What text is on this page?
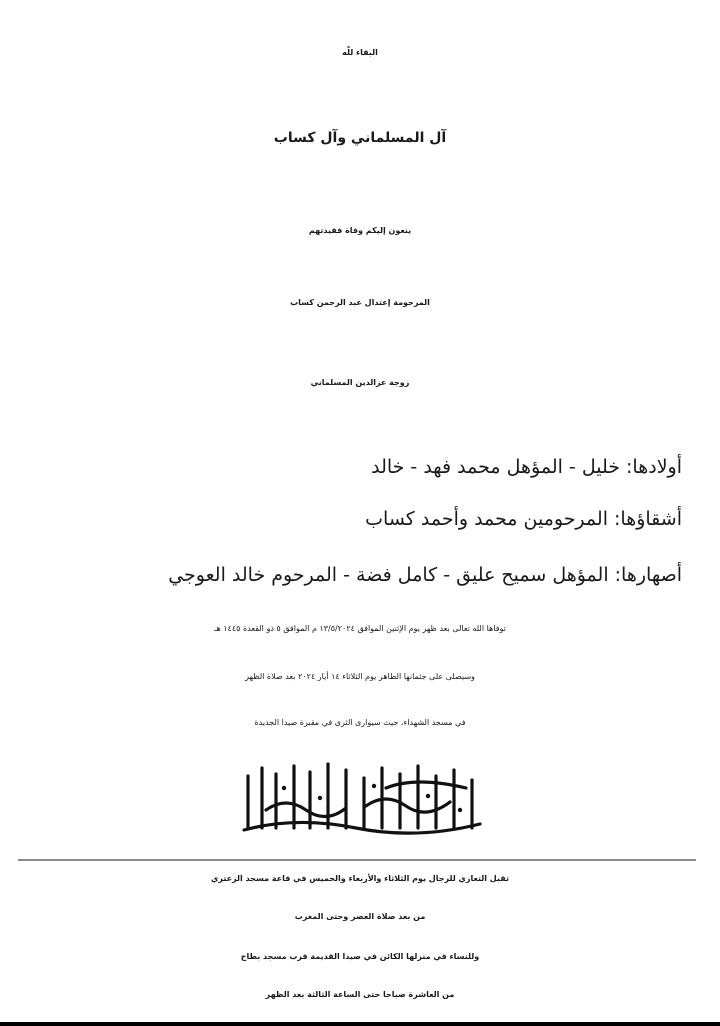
البقاء للّه
آل المسلماني وآل كساب
ينعون إليكم وفاة فقيدتهم
المرحومة إعتدال عبد الرحمن كساب
زوجة عزالدين المسلماني
أولادها: خليل - المؤهل محمد فهد - خالد
أشقاؤها: المرحومين محمد وأحمد كساب
أصهارها: المؤهل سميح عليق - كامل فضة - المرحوم خالد العوجي
توفاها الله تعالى بعد ظهر يوم الإثنين الموافق ١٣/٥/٢٠٢٤ م الموافق ٥ ذو القعدة ١٤٤٥ هـ
وسيصلى على جثمانها الطاهر يوم الثلاثاء ١٤ أيار ٢٠٢٤ بعد صلاة الظهر
في مسجد الشهداء، حيث سيوارى الثرى في مقبرة صيدا الجديدة
تقبل التعازي للرجال يوم الثلاثاء والأربعاء والخميس في قاعة مسجد الزعتري
من بعد صلاة العصر وحتى المغرب
وللنساء في منزلها الكائن في صيدا القديمة قرب مسجد بطاح
من العاشرة صباحا حتى الساعة الثالثة بعد الظهر
